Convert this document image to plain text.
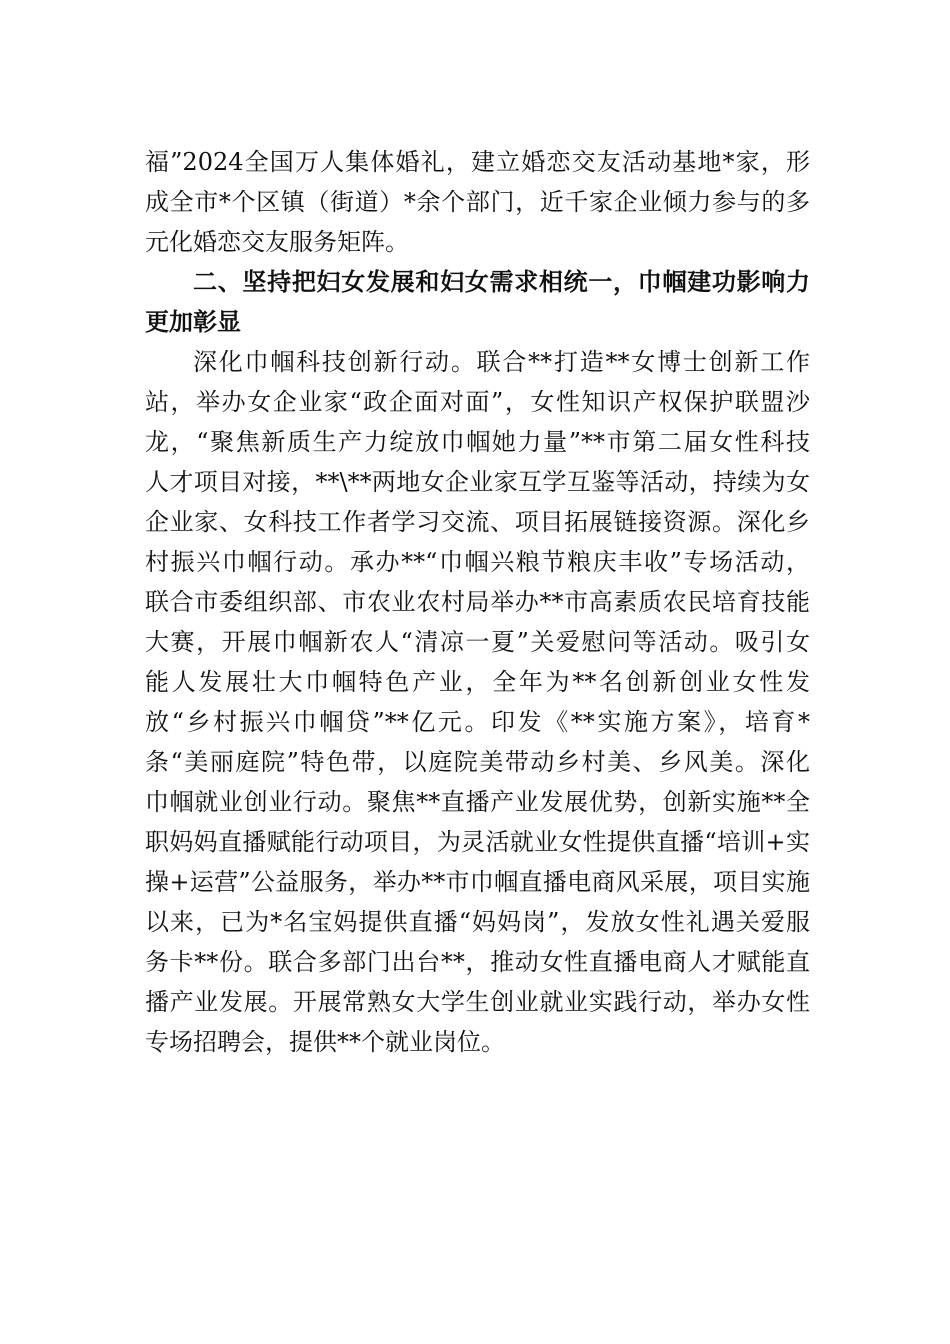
福”2024全国万人集体婚礼，建立婚恋交友活动基地*家，形
成全市*个区镇（街道）*余个部门，近千家企业倾力参与的多
元化婚恋交友服务矩阵。
二、坚持把妇女发展和妇女需求相统一，巾帼建功影响力
更加彰显
深化巾帼科技创新行动。联合**打造**女博士创新工作
站，举办女企业家“政企面对面”，女性知识产权保护联盟沙
龙，“聚焦新质生产力绽放巾帼她力量”**市第二届女性科技
人才项目对接，**\**两地女企业家互学互鉴等活动，持续为女
企业家、女科技工作者学习交流、项目拓展链接资源。深化乡
村振兴巾帼行动。承办**“巾帼兴粮节粮庆丰收”专场活动，
联合市委组织部、市农业农村局举办**市高素质农民培育技能
大赛，开展巾帼新农人“清凉一夏”关爱慰问等活动。吸引女
能人发展壮大巾帼特色产业，全年为**名创新创业女性发
放“乡村振兴巾帼贷”**亿元。印发《**实施方案》，培育*
条“美丽庭院”特色带，以庭院美带动乡村美、乡风美。深化
巾帼就业创业行动。聚焦**直播产业发展优势，创新实施**全
职妈妈直播赋能行动项目，为灵活就业女性提供直播“培训+实
操+运营”公益服务，举办**市巾帼直播电商风采展，项目实施
以来，已为*名宝妈提供直播“妈妈岗”，发放女性礼遇关爱服
务卡**份。联合多部门出台**，推动女性直播电商人才赋能直
播产业发展。开展常熟女大学生创业就业实践行动，举办女性
专场招聘会，提供**个就业岗位。
